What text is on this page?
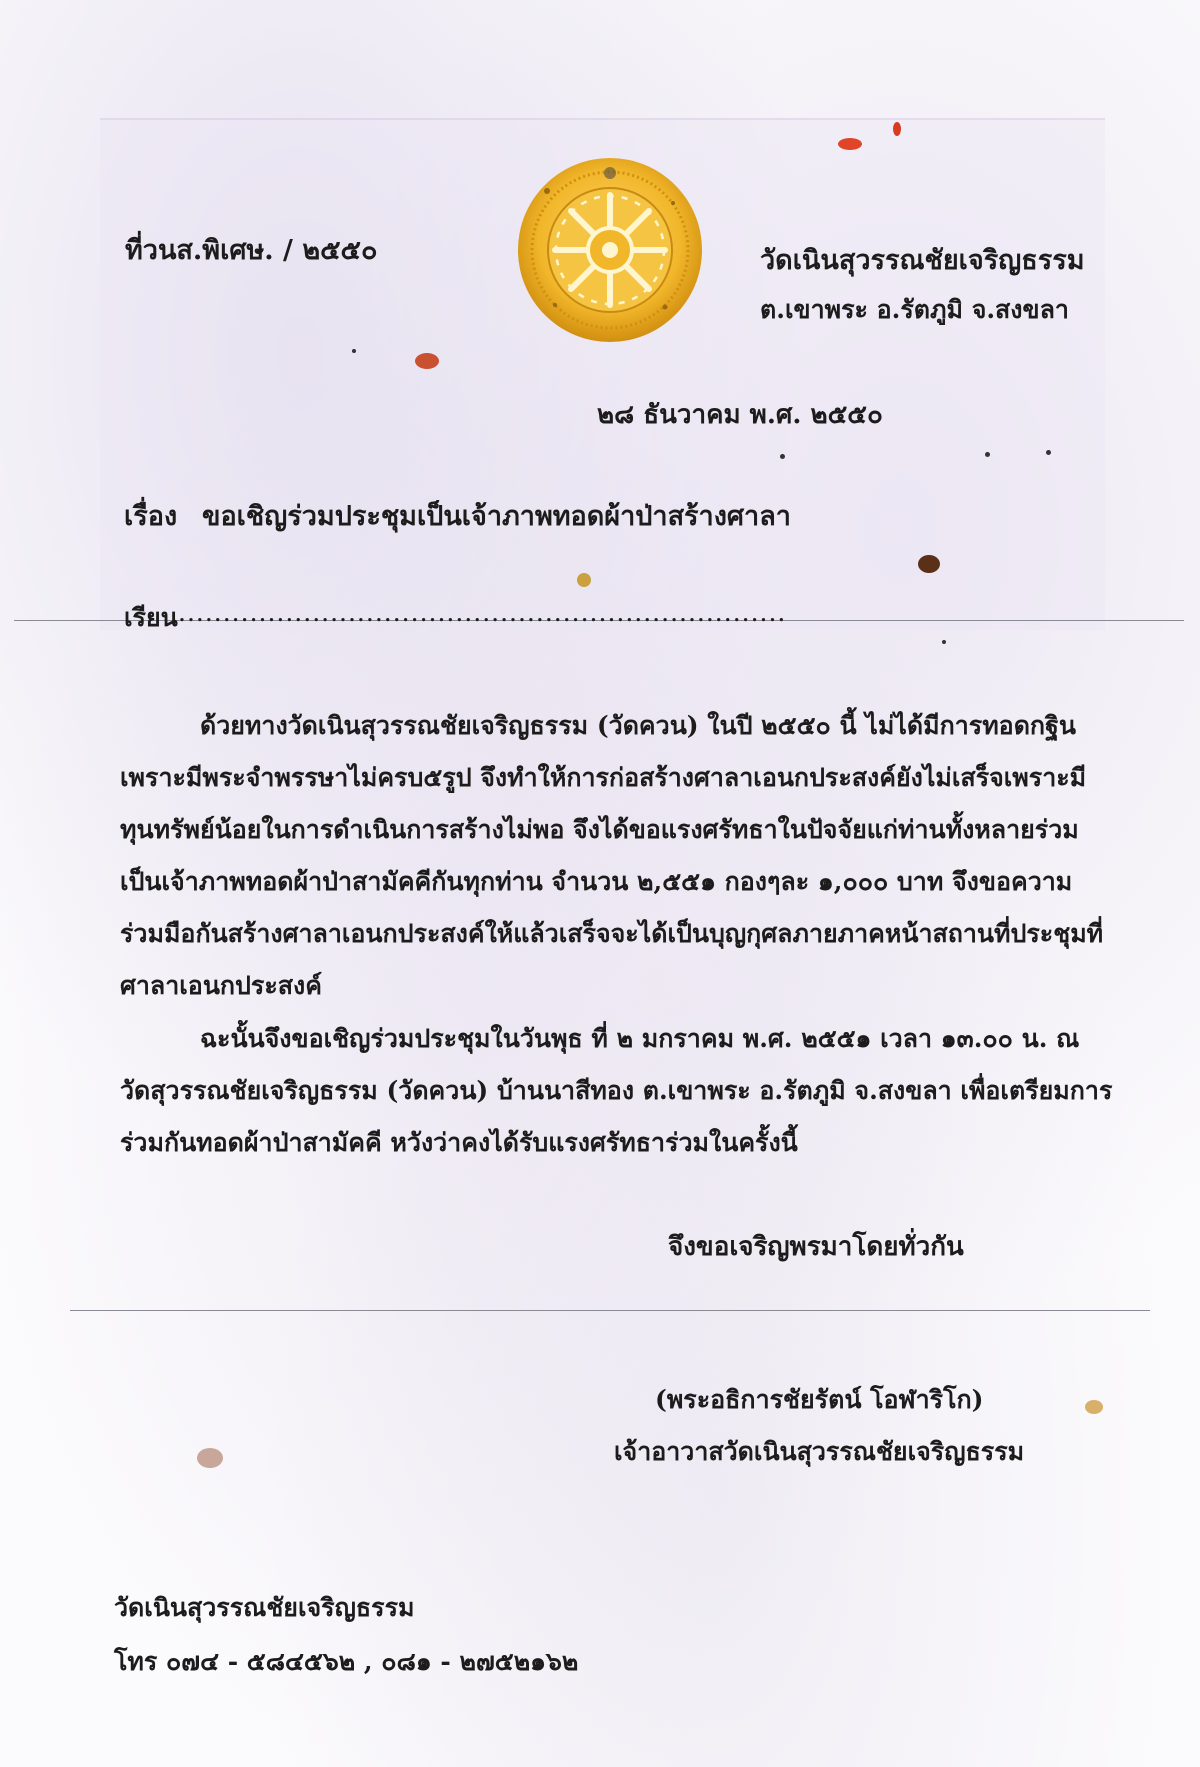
ที่วนส.พิเศษ. / ๒๕๕๐	วัดเนินสุวรรณชัยเจริญธรรม
ต.เขาพระ อ.รัตภูมิ จ.สงขลา
๒๘ ธันวาคม พ.ศ. ๒๕๕๐
เรื่อง ขอเชิญร่วมประชุมเป็นเจ้าภาพทอดผ้าป่าสร้างศาลา
เรียน ....................................................................
ด้วยทางวัดเนินสุวรรณชัยเจริญธรรม (วัดควน) ในปี ๒๕๕๐ นี้ ไม่ได้มีการทอดกฐิน
เพราะมีพระจำพรรษาไม่ครบ๕รูป จึงทำให้การก่อสร้างศาลาเอนกประสงค์ยังไม่เสร็จเพราะมี
ทุนทรัพย์น้อยในการดำเนินการสร้างไม่พอ จึงได้ขอแรงศรัทธาในปัจจัยแก่ท่านทั้งหลายร่วม
เป็นเจ้าภาพทอดผ้าป่าสามัคคีกันทุกท่าน จำนวน ๒,๕๕๑ กองๆละ ๑,๐๐๐ บาท จึงขอความ
ร่วมมือกันสร้างศาลาเอนกประสงค์ให้แล้วเสร็จจะได้เป็นบุญกุศลภายภาคหน้าสถานที่ประชุมที่
ศาลาเอนกประสงค์
ฉะนั้นจึงขอเชิญร่วมประชุมในวันพุธ ที่ ๒ มกราคม พ.ศ. ๒๕๕๑ เวลา ๑๓.๐๐ น. ณ
วัดสุวรรณชัยเจริญธรรม (วัดควน) บ้านนาสีทอง ต.เขาพระ อ.รัตภูมิ จ.สงขลา เพื่อเตรียมการ
ร่วมกันทอดผ้าป่าสามัคคี หวังว่าคงได้รับแรงศรัทธาร่วมในครั้งนี้
จึงขอเจริญพรมาโดยทั่วกัน
(พระอธิการชัยรัตน์ โอฬาริโก)
เจ้าอาวาสวัดเนินสุวรรณชัยเจริญธรรม
วัดเนินสุวรรณชัยเจริญธรรม
โทร ๐๗๔ - ๕๘๔๕๖๒ , ๐๘๑ - ๒๗๕๒๑๖๒
